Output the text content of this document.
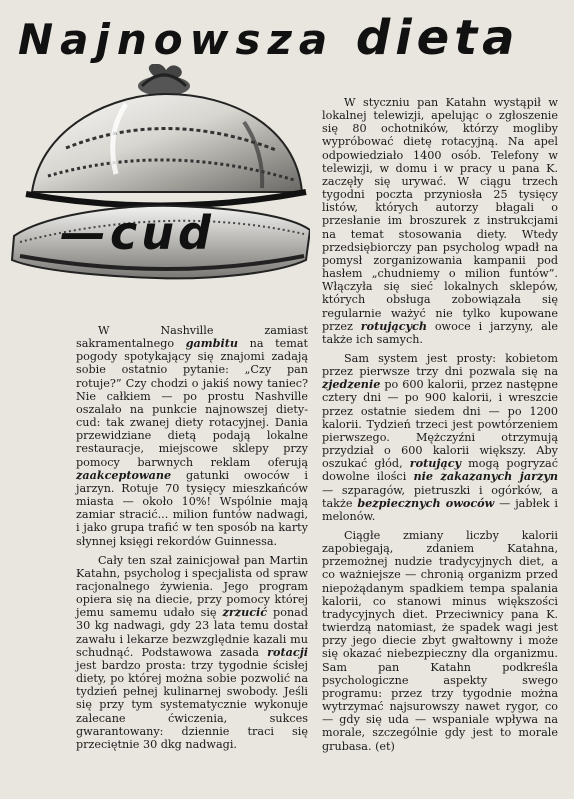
Najnowsza dieta
—cud

W Nashville zamiast sakramentalnego gambitu na temat pogody spotykający się znajomi zadają sobie ostatnio pytanie: „Czy pan rotuje?” Czy chodzi o jakiś nowy taniec? Nie całkiem — po prostu Nashville oszalało na punkcie najnowszej diety-cud: tak zwanej diety rotacyjnej. Dania przewidziane dietą podają lokalne restauracje, miejscowe sklepy przy pomocy barwnych reklam oferują zaakceptowane gatunki owoców i jarzyn. Rotuje 70 tysięcy mieszkańców miasta — około 10%! Wspólnie mają zamiar stracić... milion funtów nadwagi, i jako grupa trafić w ten sposób na karty słynnej księgi rekordów Guinnessa.

Cały ten szał zainicjował pan Martin Katahn, psycholog i specjalista od spraw racjonalnego żywienia. Jego program opiera się na diecie, przy pomocy której jemu samemu udało się zrzucić ponad 30 kg nadwagi, gdy 23 lata temu dostał zawału i lekarze bezwzględnie kazali mu schudnąć. Podstawowa zasada rotacji jest bardzo prosta: trzy tygodnie ścisłej diety, po której można sobie pozwolić na tydzień pełnej kulinarnej swobody. Jeśli się przy tym systematycznie wykonuje zalecane ćwiczenia, sukces gwarantowany: dziennie traci się przeciętnie 30 dkg nadwagi.

W styczniu pan Katahn wystąpił w lokalnej telewizji, apelując o zgłoszenie się 80 ochotników, którzy mogliby wypróbować dietę rotacyjną. Na apel odpowiedziało 1400 osób. Telefony w telewizji, w domu i w pracy u pana K. zaczęły się urywać. W ciągu trzech tygodni poczta przyniosła 25 tysięcy listów, których autorzy błagali o przesłanie im broszurek z instrukcjami na temat stosowania diety. Wtedy przedsiębiorczy pan psycholog wpadł na pomysł zorganizowania kampanii pod hasłem „chudniemy o milion funtów”. Włączyła się sieć lokalnych sklepów, których obsługa zobowiązała się regularnie ważyć nie tylko kupowane przez rotujących owoce i jarzyny, ale także ich samych.

Sam system jest prosty: kobietom przez pierwsze trzy dni pozwala się na zjedzenie po 600 kalorii, przez następne cztery dni — po 900 kalorii, i wreszcie przez ostatnie siedem dni — po 1200 kalorii. Tydzień trzeci jest powtórzeniem pierwszego. Mężczyźni otrzymują przydział o 600 kalorii większy. Aby oszukać głód, rotujący mogą pogryzać dowolne ilości nie zakazanych jarzyn — szparagów, pietruszki i ogórków, a także bezpiecznych owoców — jabłek i melonów.

Ciągłe zmiany liczby kalorii zapobiegają, zdaniem Katahna, przemożnej nudzie tradycyjnych diet, a co ważniejsze — chronią organizm przed niepożądanym spadkiem tempa spalania kalorii, co stanowi minus większości tradycyjnych diet. Przeciwnicy pana K. twierdzą natomiast, że spadek wagi jest przy jego diecie zbyt gwałtowny i może się okazać niebezpieczny dla organizmu. Sam pan Katahn podkreśla psychologiczne aspekty swego programu: przez trzy tygodnie można wytrzymać najsurowszy nawet rygor, co — gdy się uda — wspaniale wpływa na morale, szczególnie gdy jest to morale grubasa. (et)
